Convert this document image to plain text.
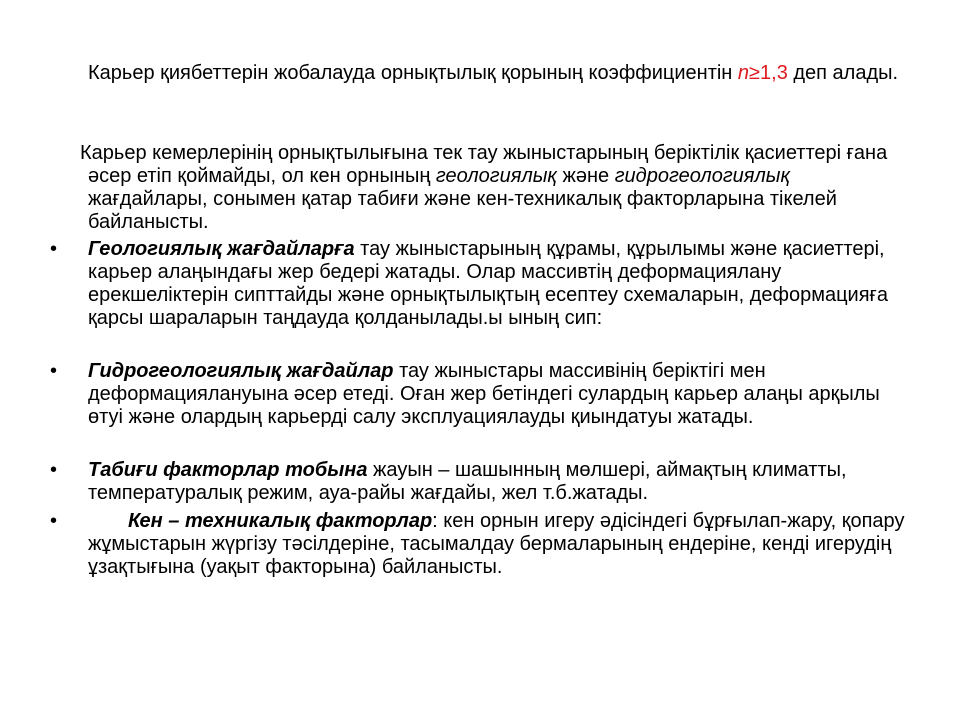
Карьер қиябеттерін жобалауда орнықтылық қорының коэффициентін n≥1,3 деп алады.

Карьер кемерлерінің орнықтылығына тек тау жыныстарының беріктілік қасиеттері ғана әсер етіп қоймайды, ол кен орнының геологиялық және гидрогеологиялық жағдайлары, сонымен қатар табиғи және кен-техникалық факторларына тікелей байланысты.

•	Геологиялық жағдайларға тау жыныстарының құрамы, құрылымы және қасиеттері, карьер алаңындағы жер бедері жатады. Олар массивтің деформациялану ерекшеліктерін сипттайды және орнықтылықтың есептеу схемаларын, деформацияға қарсы шараларын таңдауда қолданылады.ы ының сип:
•	Гидрогеологиялық жағдайлар тау жыныстары массивінің беріктігі мен деформациялануына әсер етеді. Оған жер бетіндегі сулардың карьер алаңы арқылы өтуі және олардың карьерді салу эксплуациялауды қиындатуы жатады.
•	Табиғи факторлар тобына жауын – шашынның мөлшері, аймақтың климатты, температуралық режим, ауа-райы жағдайы, жел т.б.жатады.
•	Кен – техникалық факторлар: кен орнын игеру әдісіндегі бұрғылап-жару, қопару жұмыстарын жүргізу тәсілдеріне, тасымалдау бермаларының ендеріне, кенді игерудің ұзақтығына (уақыт факторына) байланысты.
